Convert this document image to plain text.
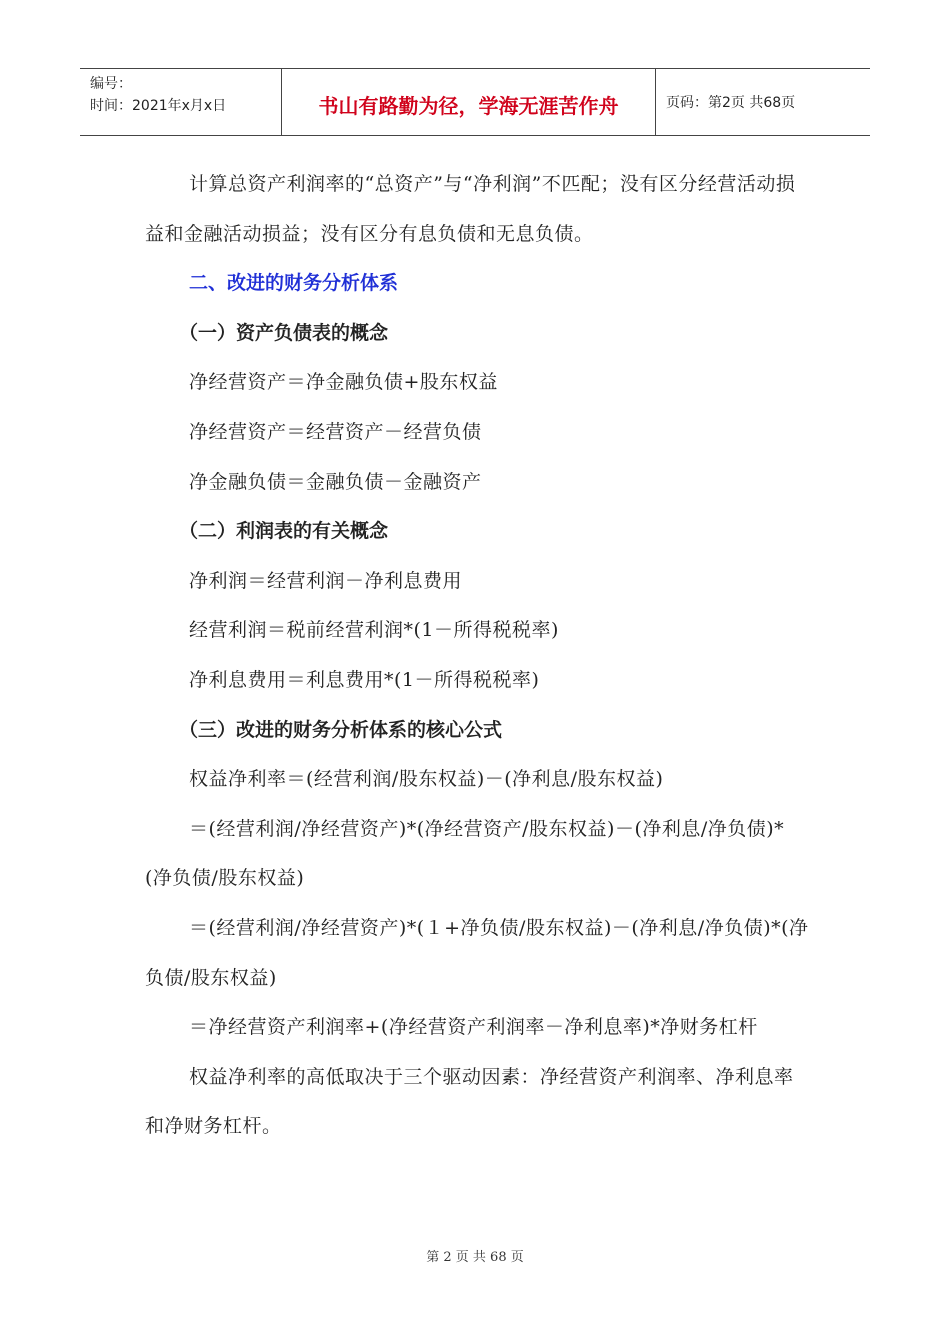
编号：
时间：2021年x月x日	书山有路勤为径，学海无涯苦作舟	页码：第2页 共68页

计算总资产利润率的“总资产”与“净利润”不匹配；没有区分经营活动损益和金融活动损益；没有区分有息负债和无息负债。

二、改进的财务分析体系
（一）资产负债表的概念

净经营资产＝净金融负债+股东权益

净经营资产＝经营资产－经营负债

净金融负债＝金融负债－金融资产

（二）利润表的有关概念

净利润＝经营利润－净利息费用

经营利润＝税前经营利润*(1－所得税税率)

净利息费用＝利息费用*(1－所得税税率)

（三）改进的财务分析体系的核心公式

权益净利率＝(经营利润/股东权益)－(净利息/股东权益)

＝(经营利润/净经营资产)*(净经营资产/股东权益)－(净利息/净负债)*(净负债/股东权益)

＝(经营利润/净经营资产)*(１+净负债/股东权益)－(净利息/净负债)*(净负债/股东权益)

＝净经营资产利润率+(净经营资产利润率－净利息率)*净财务杠杆

权益净利率的高低取决于三个驱动因素：净经营资产利润率、净利息率和净财务杠杆。

第 2 页 共 68 页
